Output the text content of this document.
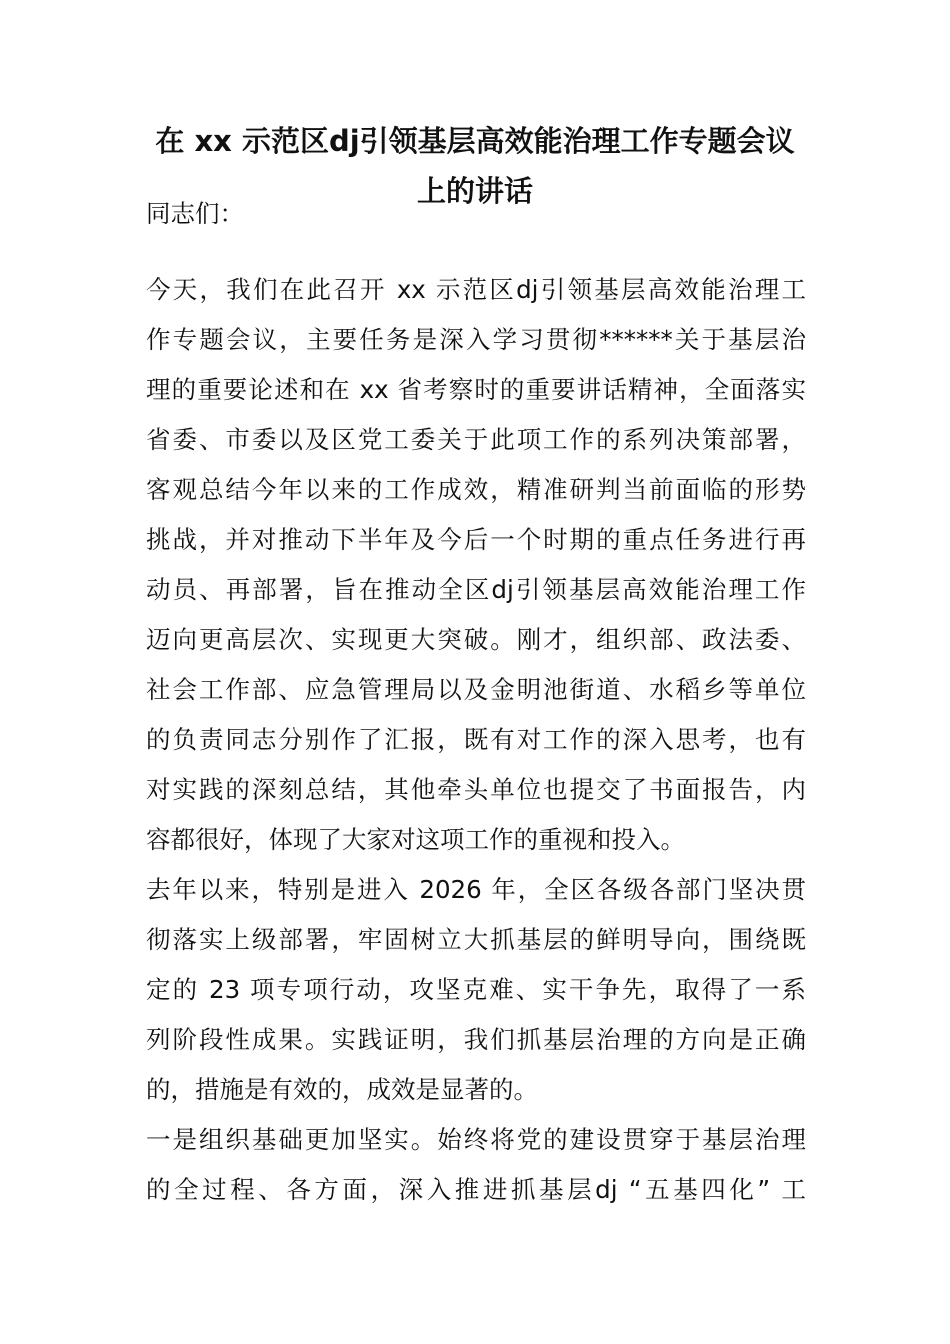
在 xx 示范区dj引领基层高效能治理工作专题会议
上的讲话
同志们：
今天，我们在此召开 xx 示范区dj引领基层高效能治理工
作专题会议，主要任务是深入学习贯彻******关于基层治
理的重要论述和在 xx 省考察时的重要讲话精神，全面落实
省委、市委以及区党工委关于此项工作的系列决策部署，
客观总结今年以来的工作成效，精准研判当前面临的形势
挑战，并对推动下半年及今后一个时期的重点任务进行再
动员、再部署，旨在推动全区dj引领基层高效能治理工作
迈向更高层次、实现更大突破。刚才，组织部、政法委、
社会工作部、应急管理局以及金明池街道、水稻乡等单位
的负责同志分别作了汇报，既有对工作的深入思考，也有
对实践的深刻总结，其他牵头单位也提交了书面报告，内
容都很好，体现了大家对这项工作的重视和投入。
去年以来，特别是进入 2026 年，全区各级各部门坚决贯
彻落实上级部署，牢固树立大抓基层的鲜明导向，围绕既
定的 23 项专项行动，攻坚克难、实干争先，取得了一系
列阶段性成果。实践证明，我们抓基层治理的方向是正确
的，措施是有效的，成效是显著的。
一是组织基础更加坚实。始终将党的建设贯穿于基层治理
的全过程、各方面，深入推进抓基层dj “五基四化” 工
